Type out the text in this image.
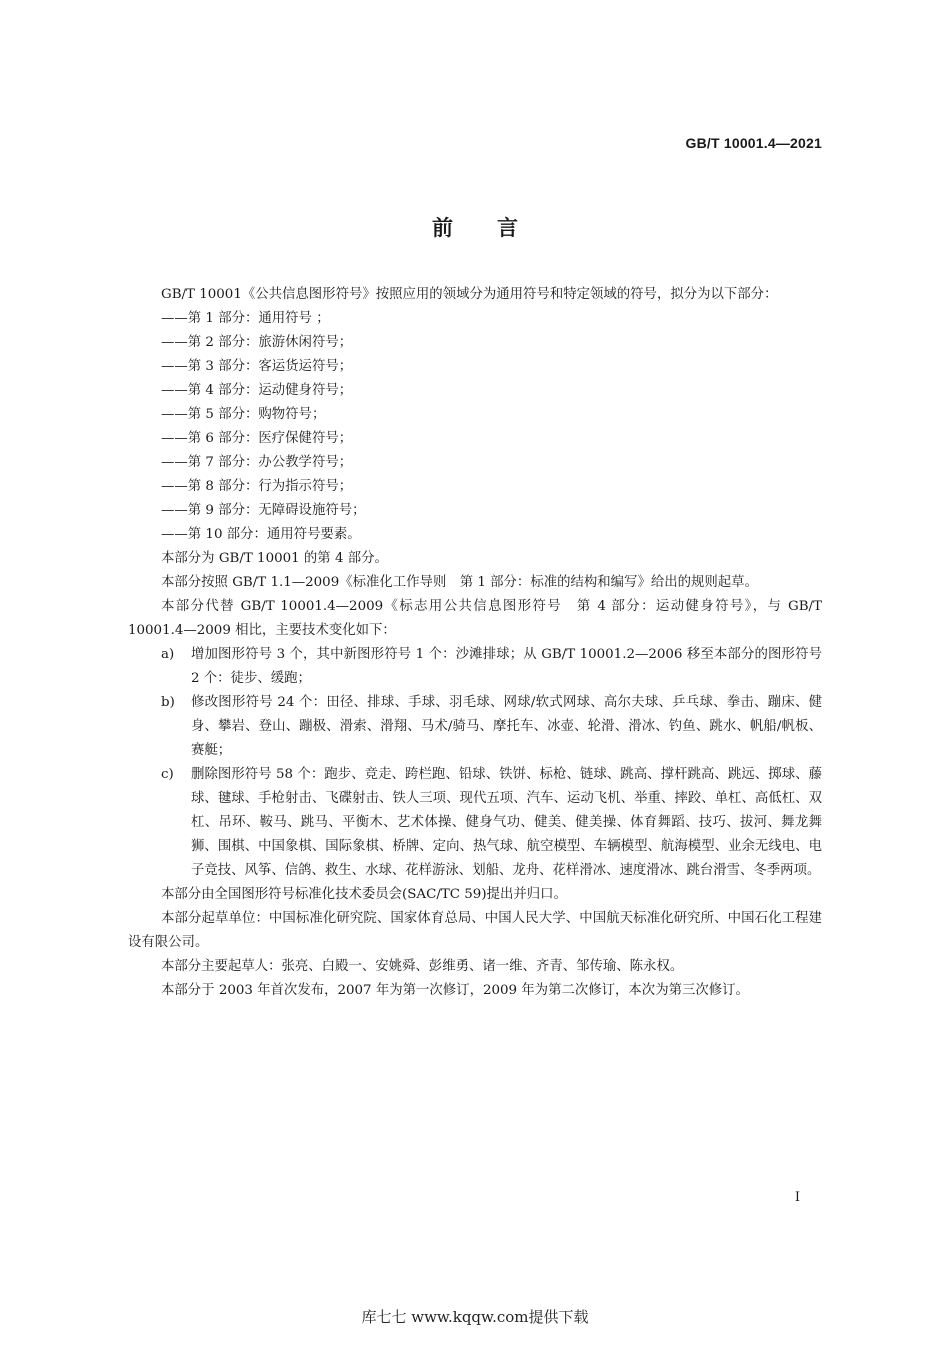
GB/T 10001.4—2021
前言

GB/T 10001《公共信息图形符号》按照应用的领域分为通用符号和特定领域的符号，拟分为以下部分：

——第 1 部分：通用符号 ；

——第 2 部分：旅游休闲符号；

——第 3 部分：客运货运符号；

——第 4 部分：运动健身符号；

——第 5 部分：购物符号；

——第 6 部分：医疗保健符号；

——第 7 部分：办公教学符号；

——第 8 部分：行为指示符号；

——第 9 部分：无障碍设施符号；

——第 10 部分：通用符号要素。

本部分为 GB/T 10001 的第 4 部分。

本部分按照 GB/T 1.1—2009《标准化工作导则　第 1 部分：标准的结构和编写》给出的规则起草。

本部分代替 GB/T 10001.4—2009《标志用公共信息图形符号　第 4 部分：运动健身符号》，与 GB/T 10001.4—2009 相比，主要技术变化如下：

a) 增加图形符号 3 个，其中新图形符号 1 个：沙滩排球；从 GB/T 10001.2—2006 移至本部分的图形符号 2 个：徒步、缓跑；
b) 修改图形符号 24 个：田径、排球、手球、羽毛球、网球/软式网球、高尔夫球、乒乓球、拳击、蹦床、健身、攀岩、登山、蹦极、滑索、滑翔、马术/骑马、摩托车、冰壶、轮滑、滑冰、钓鱼、跳水、帆船/帆板、赛艇；
c) 删除图形符号 58 个：跑步、竞走、跨栏跑、铅球、铁饼、标枪、链球、跳高、撑杆跳高、跳远、掷球、藤球、毽球、手枪射击、飞碟射击、铁人三项、现代五项、汽车、运动飞机、举重、摔跤、单杠、高低杠、双杠、吊环、鞍马、跳马、平衡木、艺术体操、健身气功、健美、健美操、体育舞蹈、技巧、拔河、舞龙舞狮、围棋、中国象棋、国际象棋、桥牌、定向、热气球、航空模型、车辆模型、航海模型、业余无线电、电子竞技、风筝、信鸽、救生、水球、花样游泳、划船、龙舟、花样滑冰、速度滑冰、跳台滑雪、冬季两项。

本部分由全国图形符号标准化技术委员会(SAC/TC 59)提出并归口。

本部分起草单位：中国标准化研究院、国家体育总局、中国人民大学、中国航天标准化研究所、中国石化工程建设有限公司。

本部分主要起草人：张亮、白殿一、安姚舜、彭维勇、诸一维、齐青、邹传瑜、陈永权。

本部分于 2003 年首次发布，2007 年为第一次修订，2009 年为第二次修订，本次为第三次修订。

I
库七七 www.kqqw.com提供下载
